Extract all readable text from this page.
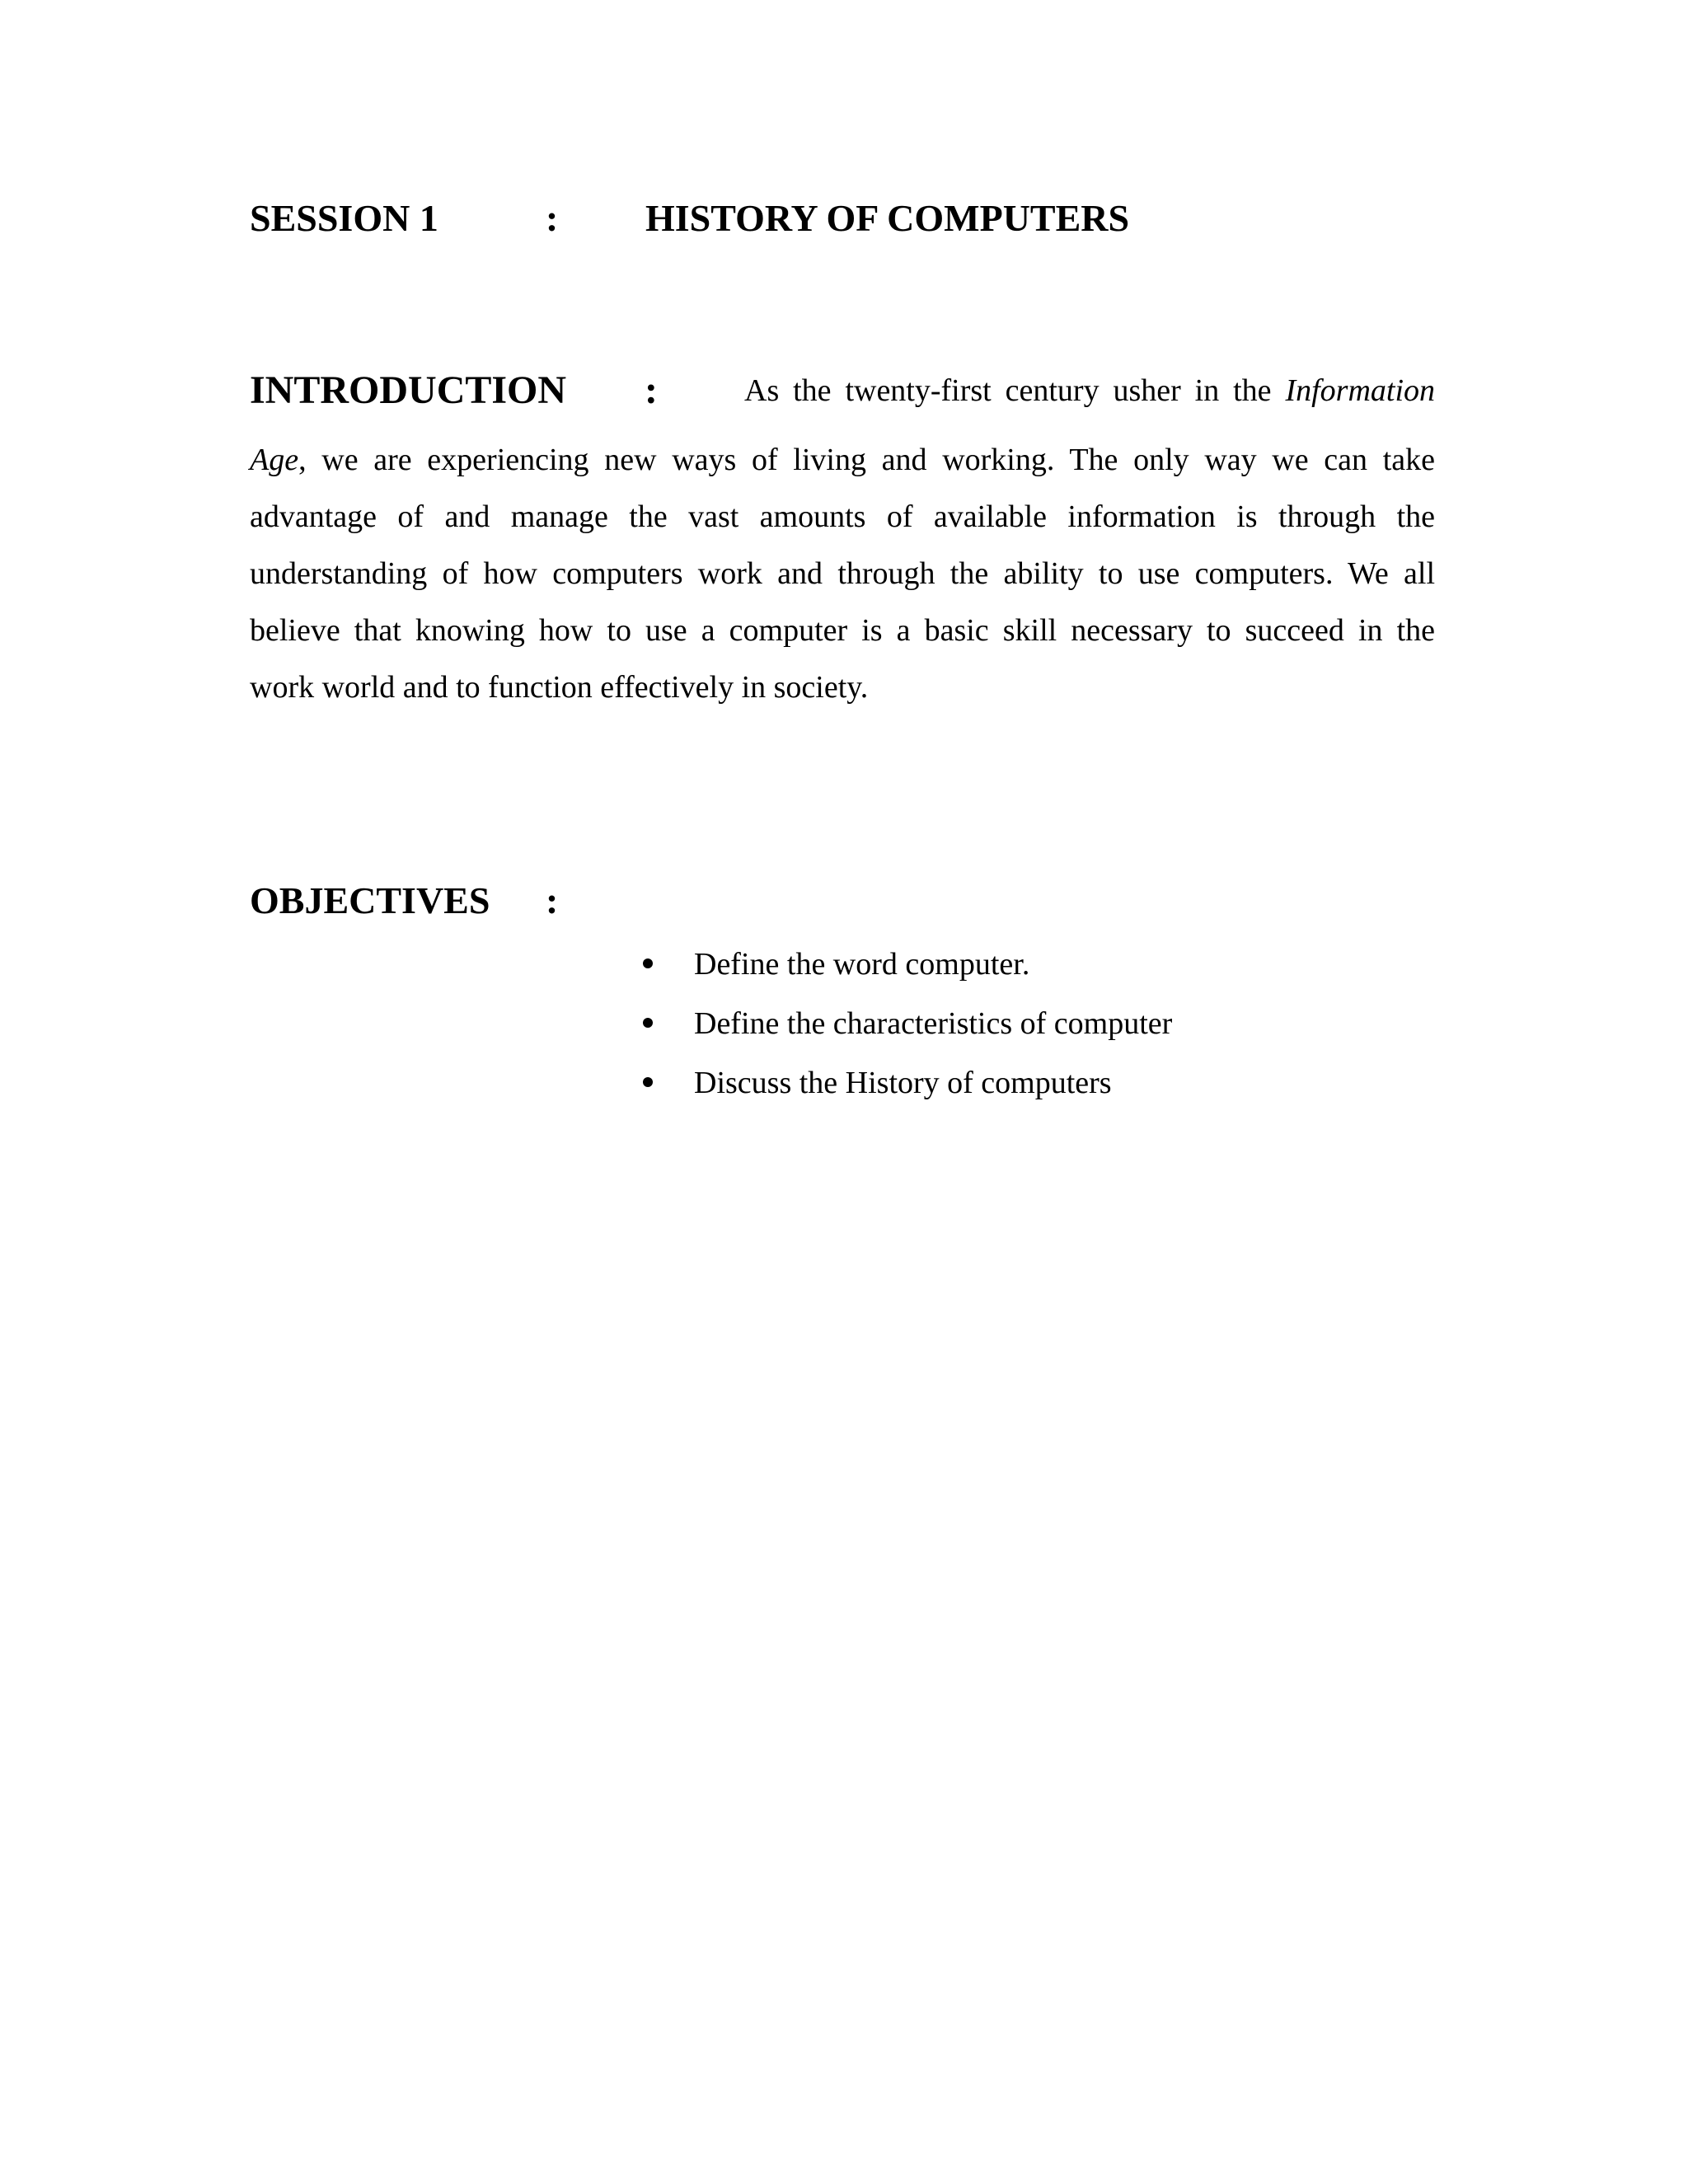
SESSION 1	: HISTORY OF COMPUTERS
INTRODUCTION :	As the twenty-first century usher in the Information
Age, we are experiencing new ways of living and working. The only way we can take
advantage of and manage the vast amounts of available information is through the
understanding of how computers work and through the ability to use computers. We all
believe that knowing how to use a computer is a basic skill necessary to succeed in the
work world and to function effectively in society.
OBJECTIVES :
Define the word computer.
Define the characteristics of computer
Discuss the History of computers
